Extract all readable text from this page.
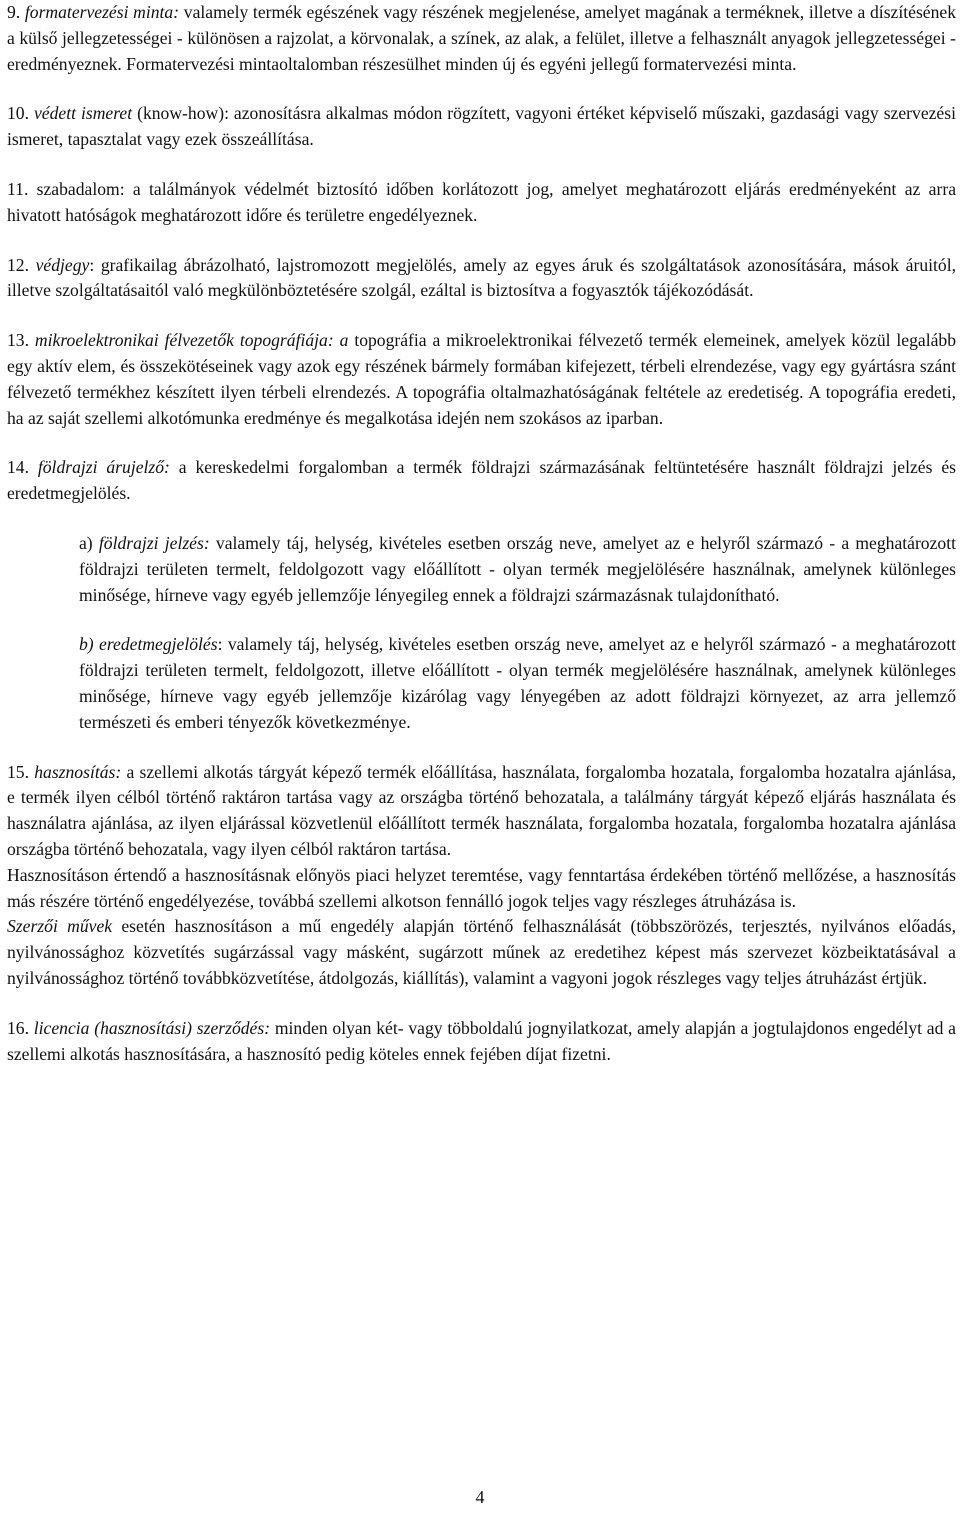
9. formatervezési minta: valamely termék egészének vagy részének megjelenése, amelyet magának a terméknek, illetve a díszítésének a külső jellegzetességei - különösen a rajzolat, a körvonalak, a színek, az alak, a felület, illetve a felhasznált anyagok jellegzetességei - eredményeznek. Formatervezési mintaoltalomban részesülhet minden új és egyéni jellegű formatervezési minta.

10. védett ismeret (know-how): azonosításra alkalmas módon rögzített, vagyoni értéket képviselő műszaki, gazdasági vagy szervezési ismeret, tapasztalat vagy ezek összeállítása.

11. szabadalom: a találmányok védelmét biztosító időben korlátozott jog, amelyet meghatározott eljárás eredményeként az arra hivatott hatóságok meghatározott időre és területre engedélyeznek.

12. védjegy: grafikailag ábrázolható, lajstromozott megjelölés, amely az egyes áruk és szolgáltatások azonosítására, mások áruitól, illetve szolgáltatásaitól való megkülönböztetésére szolgál, ezáltal is biztosítva a fogyasztók tájékozódását.

13. mikroelektronikai félvezetők topográfiája: a topográfia a mikroelektronikai félvezető termék elemeinek, amelyek közül legalább egy aktív elem, és összekötéseinek vagy azok egy részének bármely formában kifejezett, térbeli elrendezése, vagy egy gyártásra szánt félvezető termékhez készített ilyen térbeli elrendezés. A topográfia oltalmazhatóságának feltétele az eredetiség. A topográfia eredeti, ha az saját szellemi alkotómunka eredménye és megalkotása idején nem szokásos az iparban.

14. földrajzi árujelző: a kereskedelmi forgalomban a termék földrajzi származásának feltüntetésére használt földrajzi jelzés és eredetmegjelölés.

a) földrajzi jelzés: valamely táj, helység, kivételes esetben ország neve, amelyet az e helyről származó - a meghatározott földrajzi területen termelt, feldolgozott vagy előállított - olyan termék megjelölésére használnak, amelynek különleges minősége, hírneve vagy egyéb jellemzője lényegileg ennek a földrajzi származásnak tulajdonítható.

b) eredetmegjelölés: valamely táj, helység, kivételes esetben ország neve, amelyet az e helyről származó - a meghatározott földrajzi területen termelt, feldolgozott, illetve előállított - olyan termék megjelölésére használnak, amelynek különleges minősége, hírneve vagy egyéb jellemzője kizárólag vagy lényegében az adott földrajzi környezet, az arra jellemző természeti és emberi tényezők következménye.

15. hasznosítás: a szellemi alkotás tárgyát képező termék előállítása, használata, forgalomba hozatala, forgalomba hozatalra ajánlása, e termék ilyen célból történő raktáron tartása vagy az országba történő behozatala, a találmány tárgyát képező eljárás használata és használatra ajánlása, az ilyen eljárással közvetlenül előállított termék használata, forgalomba hozatala, forgalomba hozatalra ajánlása országba történő behozatala, vagy ilyen célból raktáron tartása.

Hasznosításon értendő a hasznosításnak előnyös piaci helyzet teremtése, vagy fenntartása érdekében történő mellőzése, a hasznosítás más részére történő engedélyezése, továbbá szellemi alkotson fennálló jogok teljes vagy részleges átruházása is.

Szerzői művek esetén hasznosításon a mű engedély alapján történő felhasználását (többszörözés, terjesztés, nyilvános előadás, nyilvánossághoz közvetítés sugárzással vagy másként, sugárzott műnek az eredetihez képest más szervezet közbeiktatásával a nyilvánossághoz történő továbbközvetítése, átdolgozás, kiállítás), valamint a vagyoni jogok részleges vagy teljes átruházást értjük.

16. licencia (hasznosítási) szerződés: minden olyan két- vagy többoldalú jognyilatkozat, amely alapján a jogtulajdonos engedélyt ad a szellemi alkotás hasznosítására, a hasznosító pedig köteles ennek fejében díjat fizetni.

4
